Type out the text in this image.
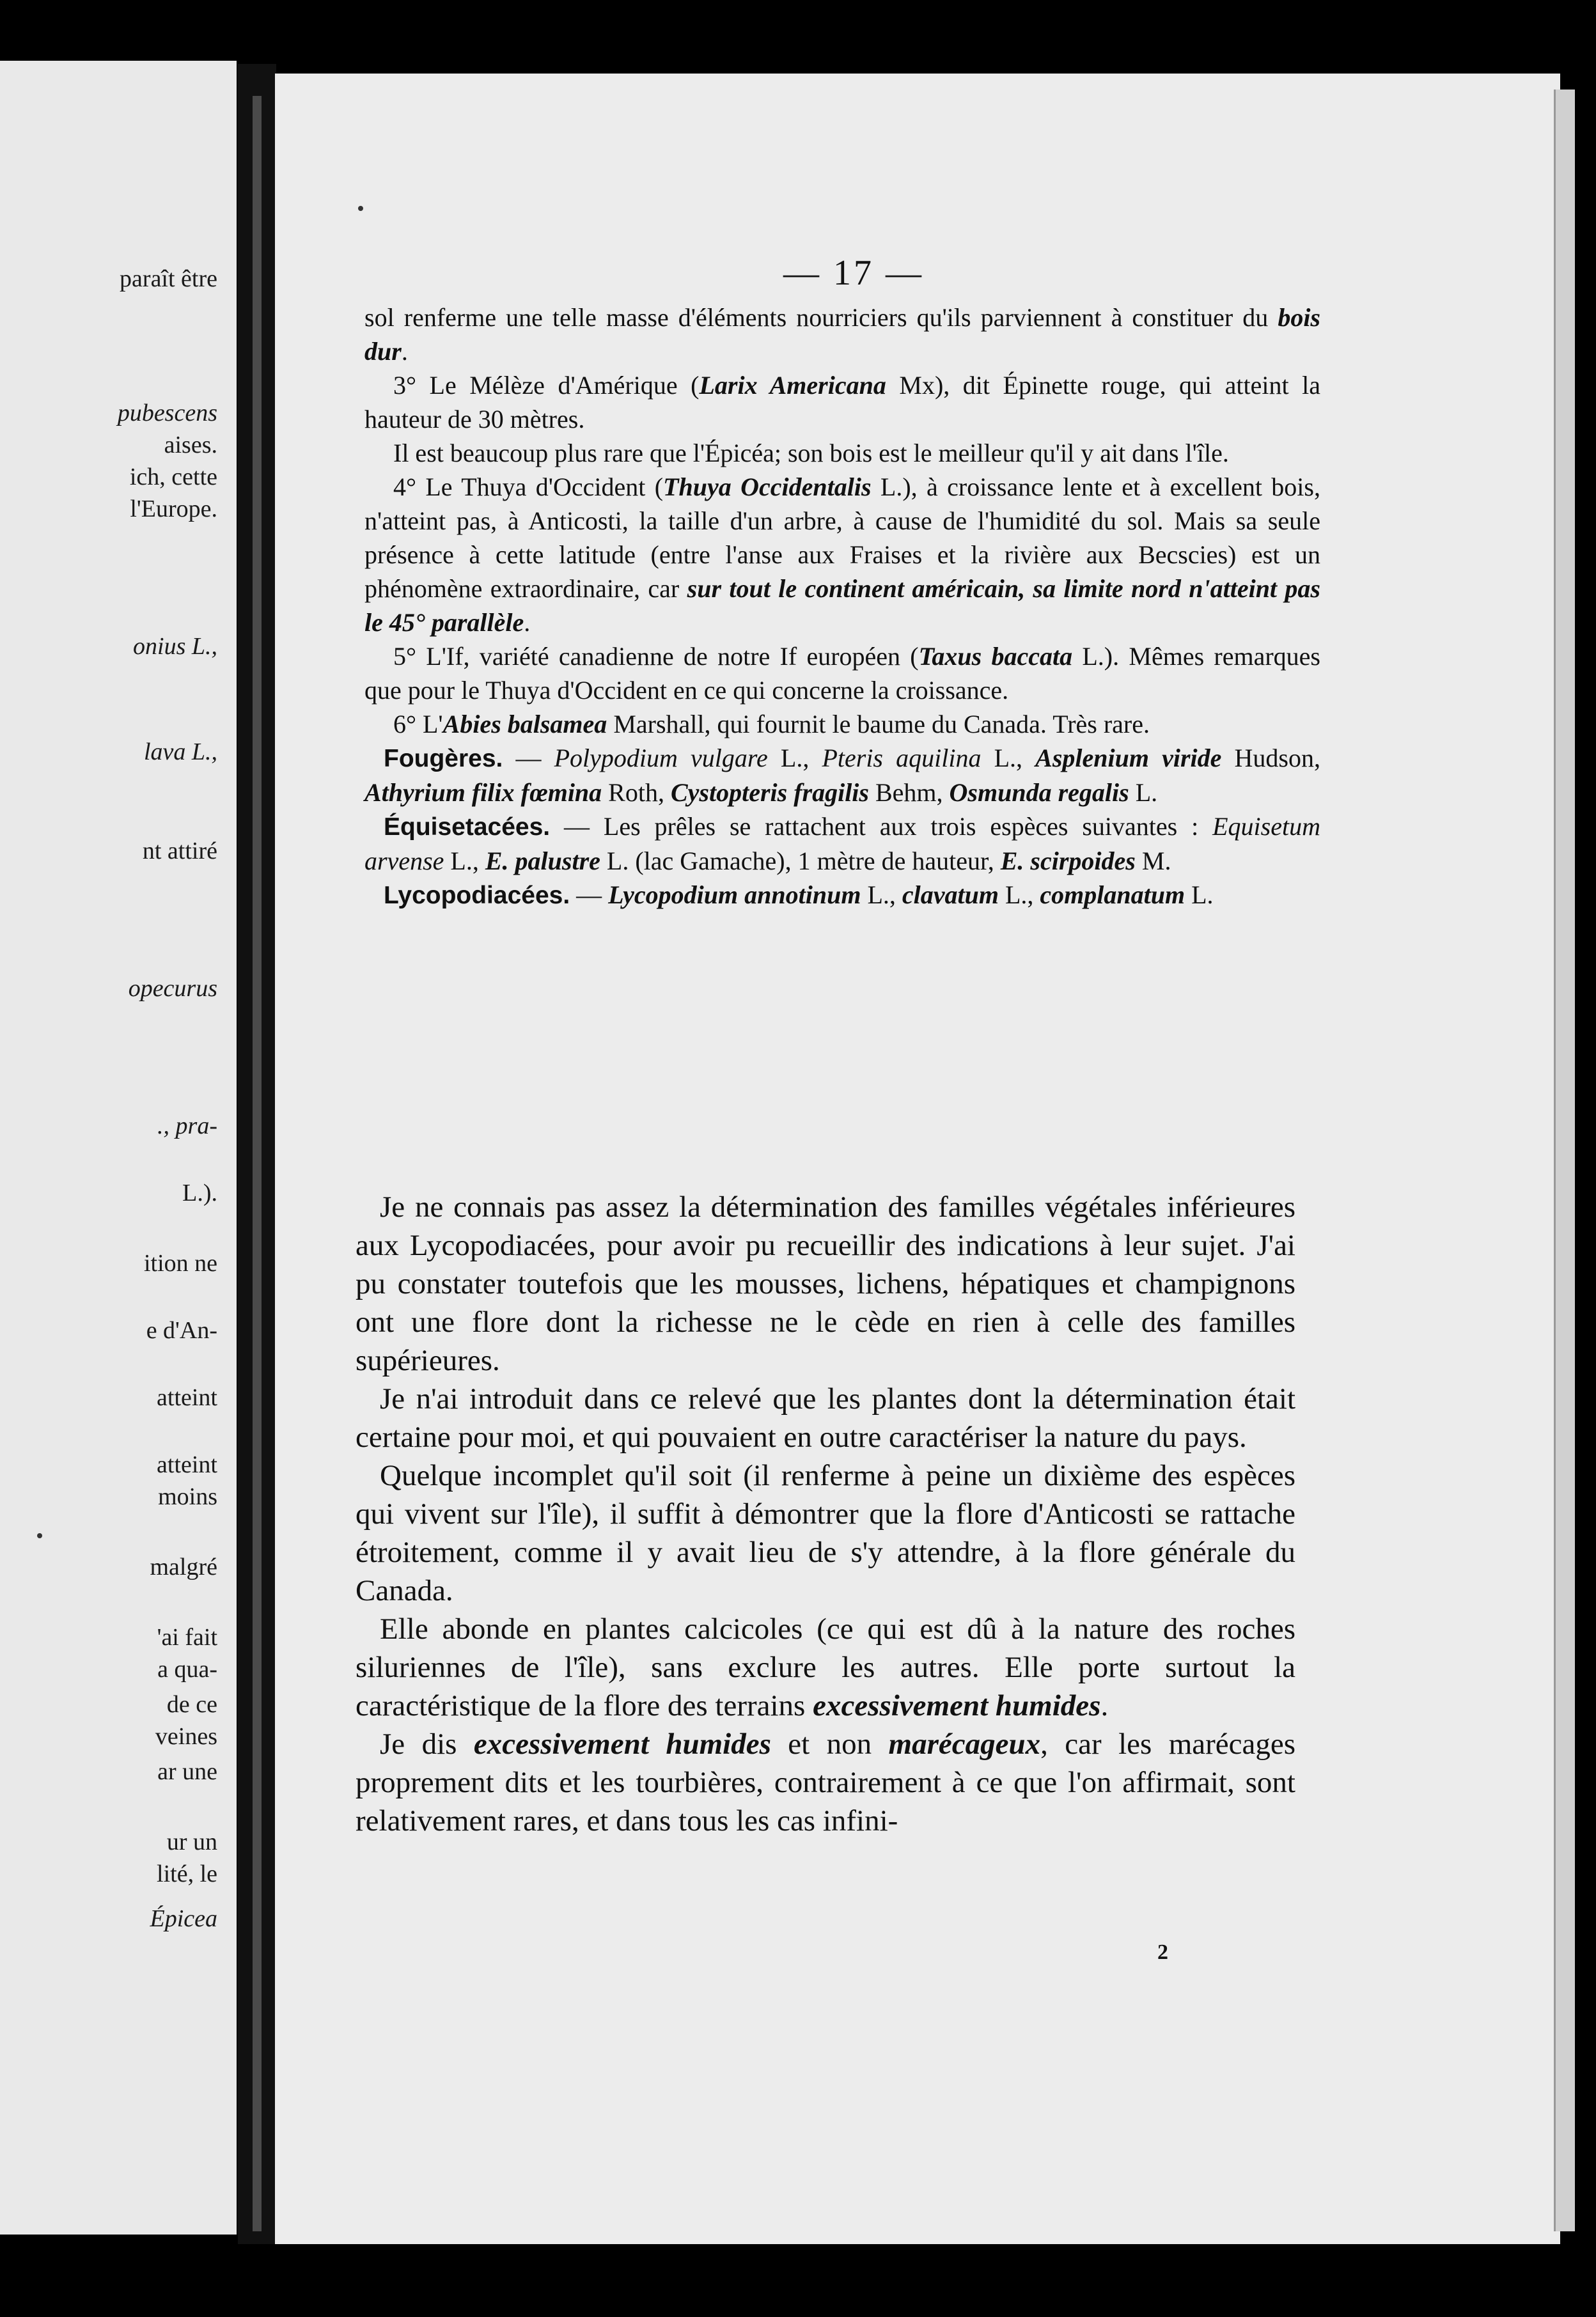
paraît être
pubescens
aises.
ich, cette
l'Europe.
onius L.,
lava L.,
nt attiré
opecurus
., pra-
L.).
ition ne
e d'An-
atteint
atteint
moins
malgré
'ai fait
a qua-
de ce
veines
ar une
ur un
lité, le
Épicea
— 17 —

sol renferme une telle masse d'éléments nourriciers qu'ils parviennent à constituer du bois dur.

3° Le Mélèze d'Amérique (Larix Americana Mx), dit Épinette rouge, qui atteint la hauteur de 30 mètres.

Il est beaucoup plus rare que l'Épicéa; son bois est le meilleur qu'il y ait dans l'île.

4° Le Thuya d'Occident (Thuya Occidentalis L.), à croissance lente et à excellent bois, n'atteint pas, à Anticosti, la taille d'un arbre, à cause de l'humidité du sol. Mais sa seule présence à cette latitude (entre l'anse aux Fraises et la rivière aux Becscies) est un phénomène extraordinaire, car sur tout le continent américain, sa limite nord n'atteint pas le 45° parallèle.

5° L'If, variété canadienne de notre If européen (Taxus baccata L.). Mêmes remarques que pour le Thuya d'Occident en ce qui concerne la croissance.

6° L'Abies balsamea Marshall, qui fournit le baume du Canada. Très rare.

Fougères. — Polypodium vulgare L., Pteris aquilina L., Asplenium viride Hudson, Athyrium filix fœmina Roth, Cystopteris fragilis Behm, Osmunda regalis L.

Équisetacées. — Les prêles se rattachent aux trois espèces suivantes : Equisetum arvense L., E. palustre L. (lac Gamache), 1 mètre de hauteur, E. scirpoides M.

Lycopodiacées. — Lycopodium annotinum L., clavatum L., complanatum L.

Je ne connais pas assez la détermination des familles végétales inférieures aux Lycopodiacées, pour avoir pu recueillir des indications à leur sujet. J'ai pu constater toutefois que les mousses, lichens, hépatiques et champignons ont une flore dont la richesse ne le cède en rien à celle des familles supérieures.

Je n'ai introduit dans ce relevé que les plantes dont la détermination était certaine pour moi, et qui pouvaient en outre caractériser la nature du pays.

Quelque incomplet qu'il soit (il renferme à peine un dixième des espèces qui vivent sur l'île), il suffit à démontrer que la flore d'Anticosti se rattache étroitement, comme il y avait lieu de s'y attendre, à la flore générale du Canada.

Elle abonde en plantes calcicoles (ce qui est dû à la nature des roches siluriennes de l'île), sans exclure les autres. Elle porte surtout la caractéristique de la flore des terrains excessivement humides.

Je dis excessivement humides et non marécageux, car les marécages proprement dits et les tourbières, contrairement à ce que l'on affirmait, sont relativement rares, et dans tous les cas infini-

2
